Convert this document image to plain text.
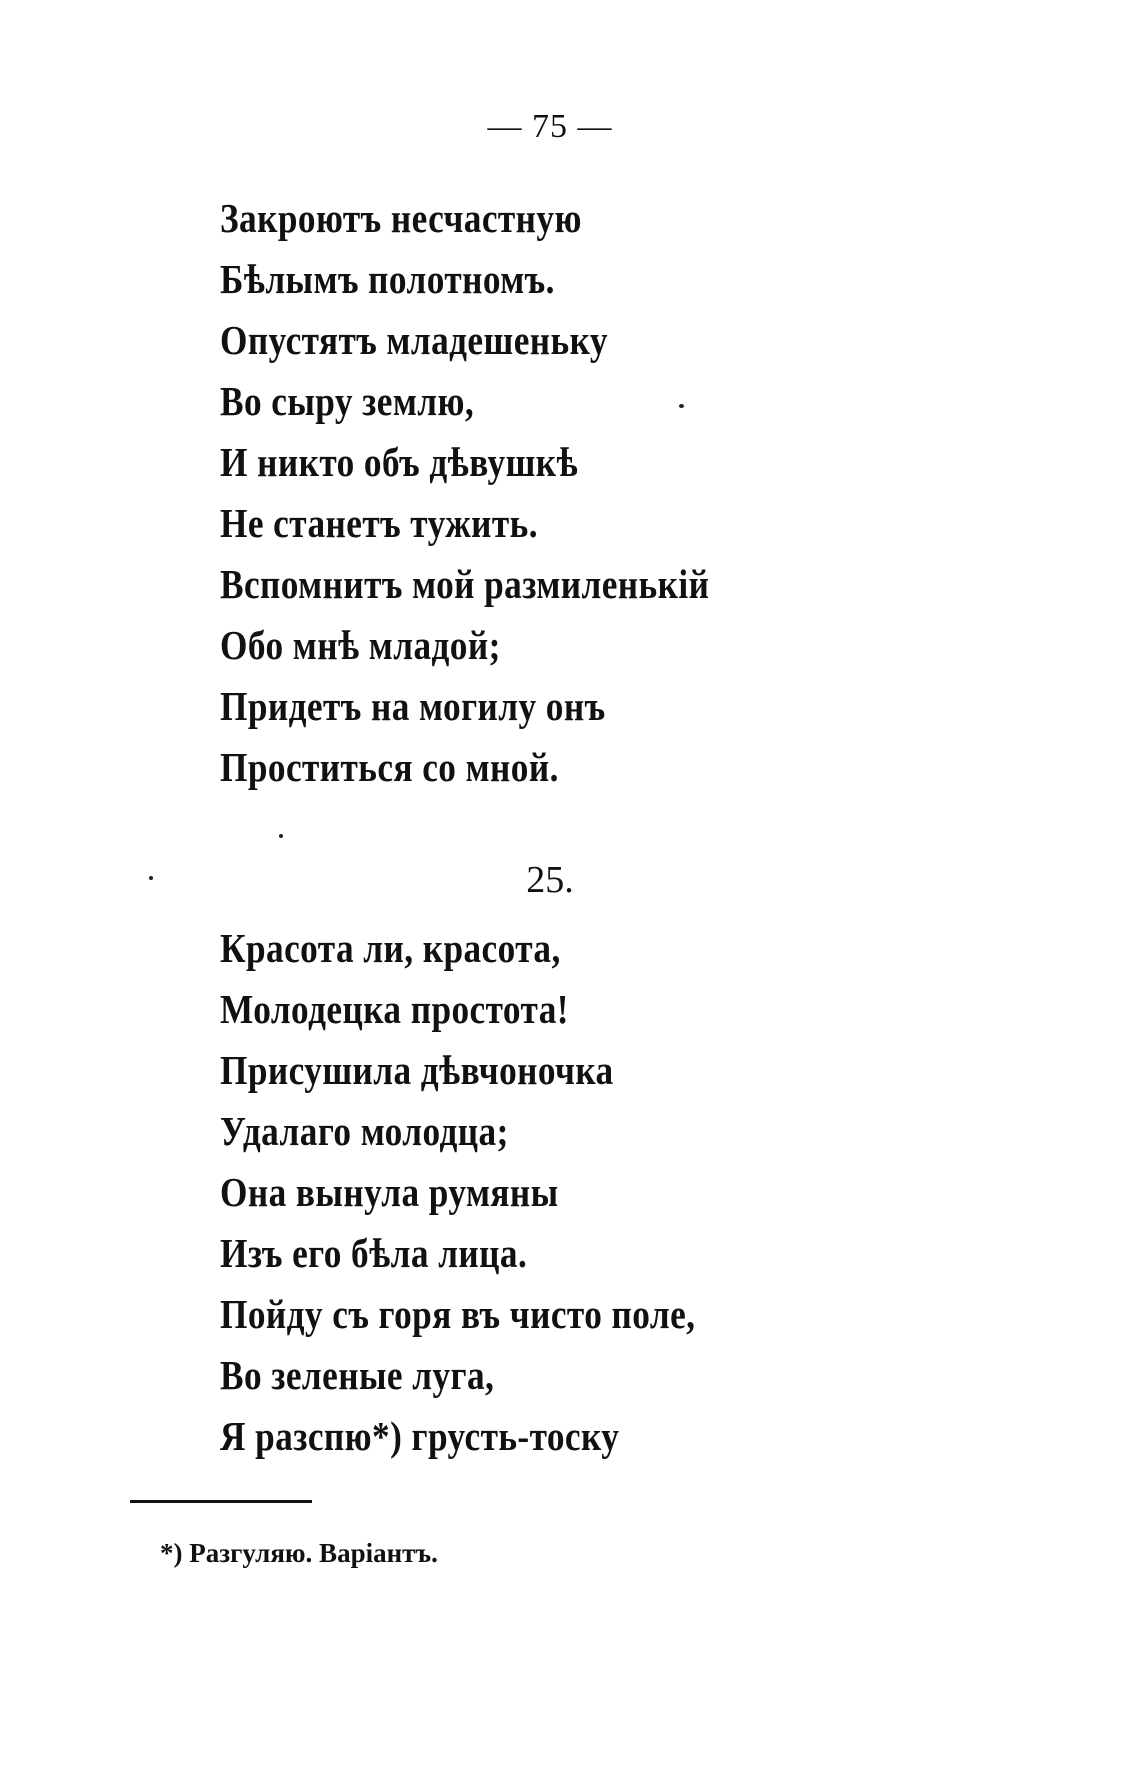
— 75 —
Закроютъ несчастную
Бѣлымъ полотномъ.
Опустятъ младешеньку
Во сыру землю,
И никто объ дѣвушкѣ
Не станетъ тужить.
Вспомнитъ мой размиленькій
Обо мнѣ младой;
Придетъ на могилу онъ
Проститься со мной.
25.
Красота ли, красота,
Молодецка простота!
Присушила дѣвчоночка
Удалаго молодца;
Она вынула румяны
Изъ его бѣла лица.
Пойду съ горя въ чисто поле,
Во зеленые луга,
Я разспю*) грусть-тоску
*) Разгуляю. Варіантъ.
